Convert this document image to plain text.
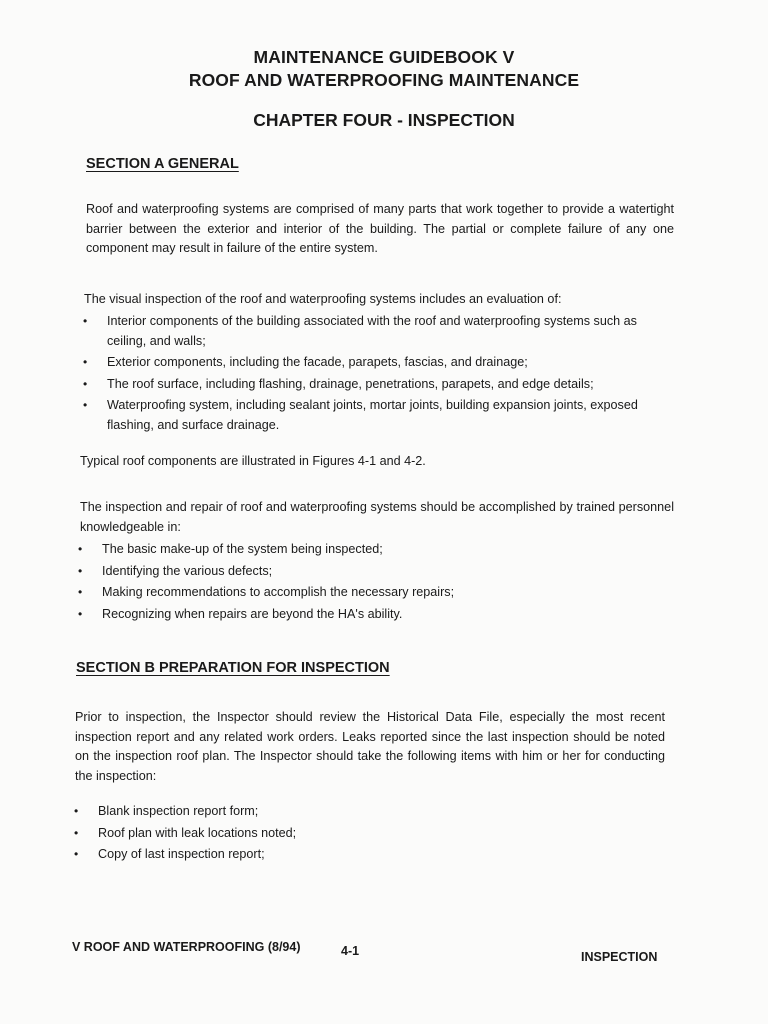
MAINTENANCE GUIDEBOOK V
ROOF AND WATERPROOFING MAINTENANCE
CHAPTER FOUR - INSPECTION
SECTION A GENERAL
Roof and waterproofing systems are comprised of many parts that work together to provide a watertight barrier between the exterior and interior of the building. The partial or complete failure of any one component may result in failure of the entire system.
The visual inspection of the roof and waterproofing systems includes an evaluation of:
• Interior components of the building associated with the roof and waterproofing systems such as ceiling, and walls;
• Exterior components, including the facade, parapets, fascias, and drainage;
• The roof surface, including flashing, drainage, penetrations, parapets, and edge details;
• Waterproofing system, including sealant joints, mortar joints, building expansion joints, exposed flashing, and surface drainage.
Typical roof components are illustrated in Figures 4-1 and 4-2.
The inspection and repair of roof and waterproofing systems should be accomplished by trained personnel knowledgeable in:
• The basic make-up of the system being inspected;
• Identifying the various defects;
• Making recommendations to accomplish the necessary repairs;
• Recognizing when repairs are beyond the HA's ability.
SECTION B PREPARATION FOR INSPECTION
Prior to inspection, the Inspector should review the Historical Data File, especially the most recent inspection report and any related work orders. Leaks reported since the last inspection should be noted on the inspection roof plan. The Inspector should take the following items with him or her for conducting the inspection:
• Blank inspection report form;
• Roof plan with leak locations noted;
• Copy of last inspection report;
V ROOF AND WATERPROOFING (8/94)	4-1	INSPECTION
